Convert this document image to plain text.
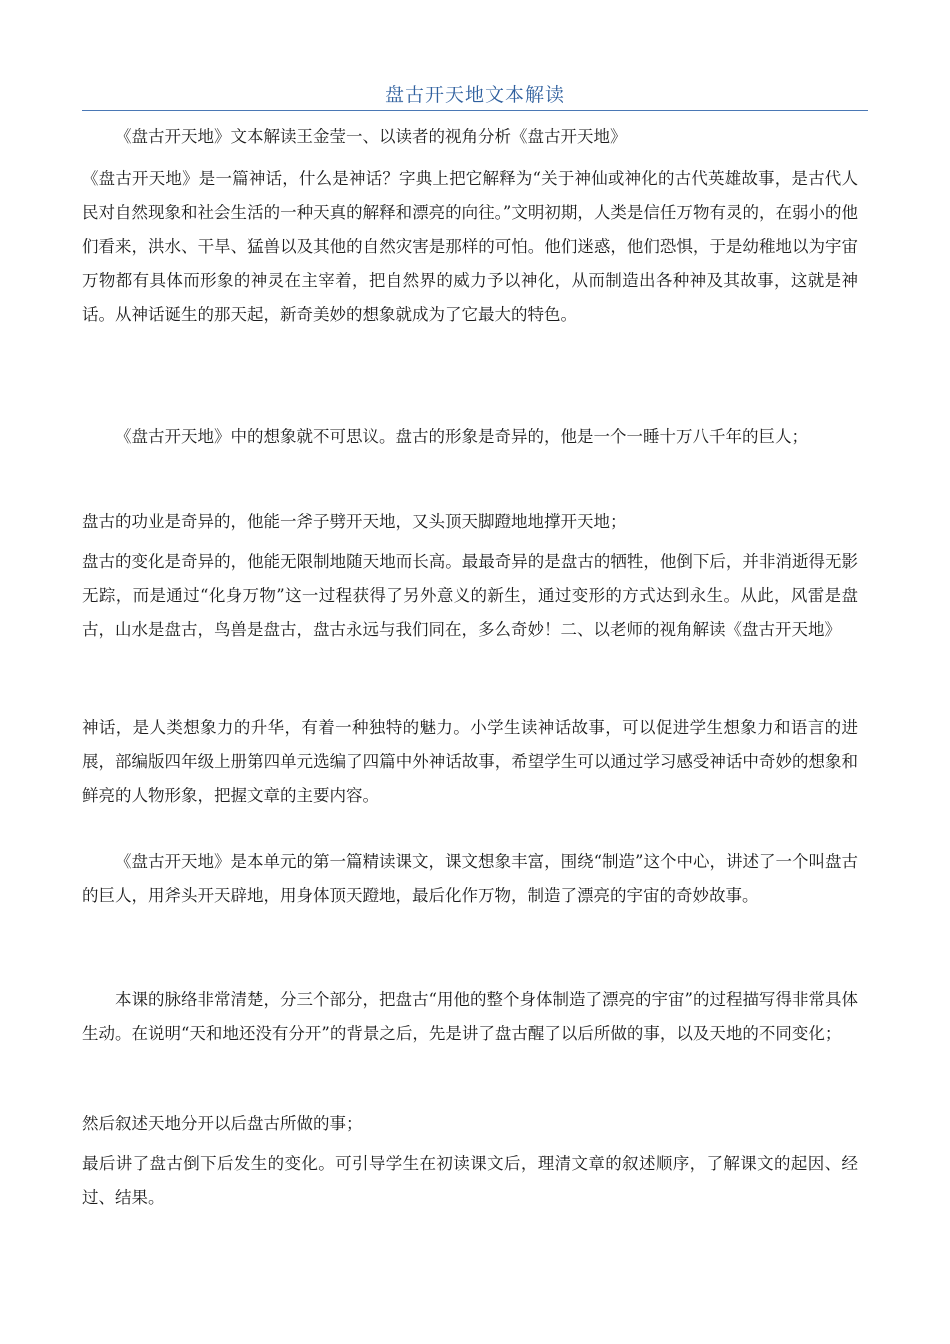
盘古开天地文本解读

《盘古开天地》文本解读王金莹一、以读者的视角分析《盘古开天地》

《盘古开天地》是一篇神话，什么是神话？字典上把它解释为“关于神仙或神化的古代英雄故事，是古代人民对自然现象和社会生活的一种天真的解释和漂亮的向往。”文明初期，人类是信任万物有灵的，在弱小的他们看来，洪水、干旱、猛兽以及其他的自然灾害是那样的可怕。他们迷惑，他们恐惧，于是幼稚地以为宇宙万物都有具体而形象的神灵在主宰着，把自然界的威力予以神化，从而制造出各种神及其故事，这就是神话。从神话诞生的那天起，新奇美妙的想象就成为了它最大的特色。

《盘古开天地》中的想象就不可思议。盘古的形象是奇异的，他是一个一睡十万八千年的巨人；

盘古的功业是奇异的，他能一斧子劈开天地，又头顶天脚蹬地地撑开天地；

盘古的变化是奇异的，他能无限制地随天地而长高。最最奇异的是盘古的牺牲，他倒下后，并非消逝得无影无踪，而是通过“化身万物”这一过程获得了另外意义的新生，通过变形的方式达到永生。从此，风雷是盘古，山水是盘古，鸟兽是盘古，盘古永远与我们同在，多么奇妙！二、以老师的视角解读《盘古开天地》

神话，是人类想象力的升华，有着一种独特的魅力。小学生读神话故事，可以促进学生想象力和语言的进展，部编版四年级上册第四单元选编了四篇中外神话故事，希望学生可以通过学习感受神话中奇妙的想象和鲜亮的人物形象，把握文章的主要内容。

《盘古开天地》是本单元的第一篇精读课文，课文想象丰富，围绕“制造”这个中心，讲述了一个叫盘古的巨人，用斧头开天辟地，用身体顶天蹬地，最后化作万物，制造了漂亮的宇宙的奇妙故事。

本课的脉络非常清楚，分三个部分，把盘古“用他的整个身体制造了漂亮的宇宙”的过程描写得非常具体生动。在说明“天和地还没有分开”的背景之后，先是讲了盘古醒了以后所做的事，以及天地的不同变化；

然后叙述天地分开以后盘古所做的事；

最后讲了盘古倒下后发生的变化。可引导学生在初读课文后，理清文章的叙述顺序，了解课文的起因、经过、结果。
